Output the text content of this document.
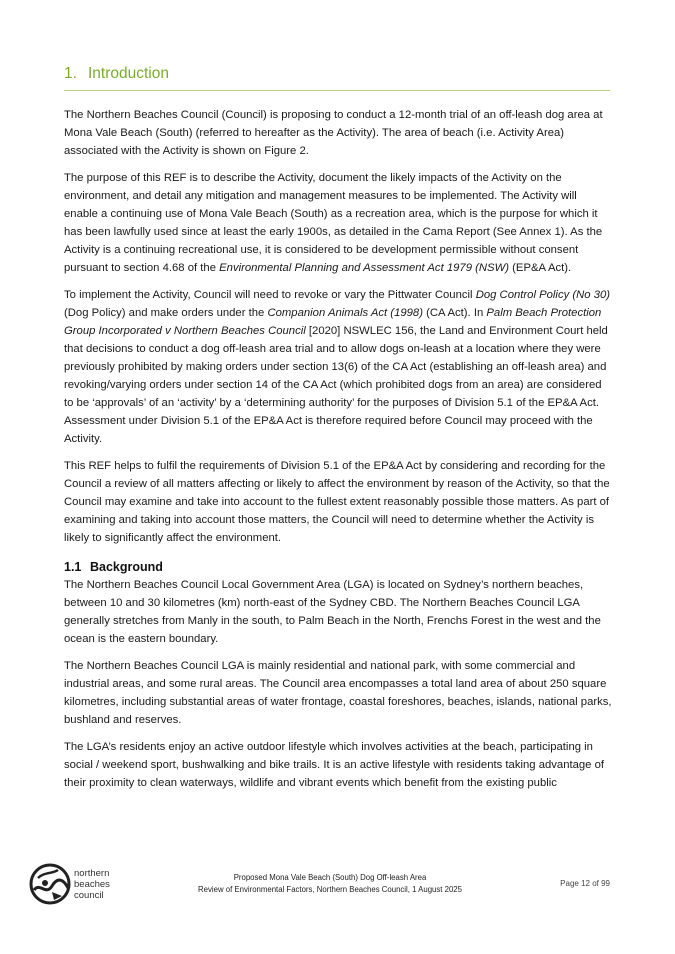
1. Introduction

The Northern Beaches Council (Council) is proposing to conduct a 12-month trial of an off-leash dog area at Mona Vale Beach (South) (referred to hereafter as the Activity). The area of beach (i.e. Activity Area) associated with the Activity is shown on Figure 2.

The purpose of this REF is to describe the Activity, document the likely impacts of the Activity on the environment, and detail any mitigation and management measures to be implemented. The Activity will enable a continuing use of Mona Vale Beach (South) as a recreation area, which is the purpose for which it has been lawfully used since at least the early 1900s, as detailed in the Cama Report (See Annex 1). As the Activity is a continuing recreational use, it is considered to be development permissible without consent pursuant to section 4.68 of the Environmental Planning and Assessment Act 1979 (NSW) (EP&A Act).

To implement the Activity, Council will need to revoke or vary the Pittwater Council Dog Control Policy (No 30) (Dog Policy) and make orders under the Companion Animals Act (1998) (CA Act). In Palm Beach Protection Group Incorporated v Northern Beaches Council [2020] NSWLEC 156, the Land and Environment Court held that decisions to conduct a dog off-leash area trial and to allow dogs on-leash at a location where they were previously prohibited by making orders under section 13(6) of the CA Act (establishing an off-leash area) and revoking/varying orders under section 14 of the CA Act (which prohibited dogs from an area) are considered to be ‘approvals’ of an ‘activity’ by a ‘determining authority’ for the purposes of Division 5.1 of the EP&A Act. Assessment under Division 5.1 of the EP&A Act is therefore required before Council may proceed with the Activity.

This REF helps to fulfil the requirements of Division 5.1 of the EP&A Act by considering and recording for the Council a review of all matters affecting or likely to affect the environment by reason of the Activity, so that the Council may examine and take into account to the fullest extent reasonably possible those matters. As part of examining and taking into account those matters, the Council will need to determine whether the Activity is likely to significantly affect the environment.

1.1 Background

The Northern Beaches Council Local Government Area (LGA) is located on Sydney’s northern beaches, between 10 and 30 kilometres (km) north-east of the Sydney CBD. The Northern Beaches Council LGA generally stretches from Manly in the south, to Palm Beach in the North, Frenchs Forest in the west and the ocean is the eastern boundary.

The Northern Beaches Council LGA is mainly residential and national park, with some commercial and industrial areas, and some rural areas. The Council area encompasses a total land area of about 250 square kilometres, including substantial areas of water frontage, coastal foreshores, beaches, islands, national parks, bushland and reserves.

The LGA’s residents enjoy an active outdoor lifestyle which involves activities at the beach, participating in social / weekend sport, bushwalking and bike trails. It is an active lifestyle with residents taking advantage of their proximity to clean waterways, wildlife and vibrant events which benefit from the existing public

northern
beaches
council
Proposed Mona Vale Beach (South) Dog Off-leash Area
Review of Environmental Factors, Northern Beaches Council, 1 August 2025
Page 12 of 99
